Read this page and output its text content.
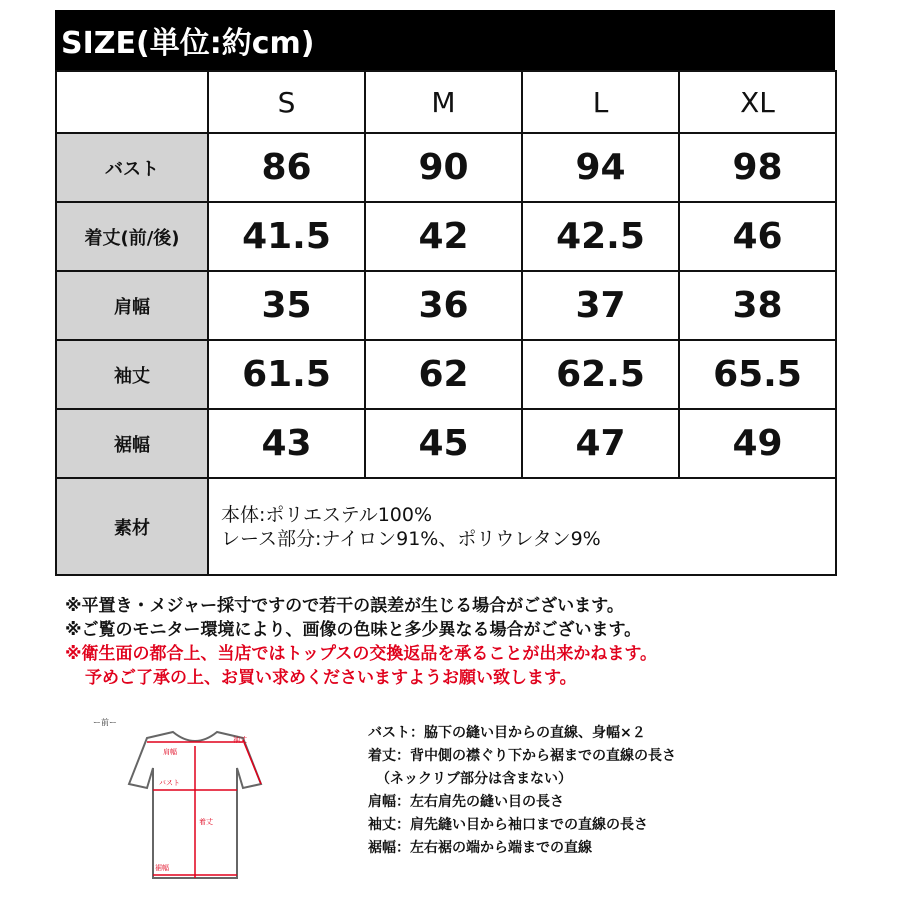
SIZE(単位:約cm)
	S	M	L	XL
バスト	86	90	94	98
着丈(前/後)	41.5	42	42.5	46
肩幅	35	36	37	38
袖丈	61.5	62	62.5	65.5
裾幅	43	45	47	49
素材	本体:ポリエステル100%
レース部分:ナイロン91%、ポリウレタン9%			
※平置き・メジャー採寸ですので若干の誤差が生じる場合がございます。
※ご覧のモニター環境により、画像の色味と多少異なる場合がございます。
※衛生面の都合上、当店ではトップスの交換返品を承ることが出来かねます。
予めご了承の上、お買い求めくださいますようお願い致します。
ー前ー
肩幅
袖丈
バスト
着丈
裾幅
バスト：脇下の縫い目からの直線、身幅×２
着丈：背中側の襟ぐり下から裾までの直線の長さ
（ネックリブ部分は含まない）
肩幅：左右肩先の縫い目の長さ
袖丈：肩先縫い目から袖口までの直線の長さ
裾幅：左右裾の端から端までの直線
